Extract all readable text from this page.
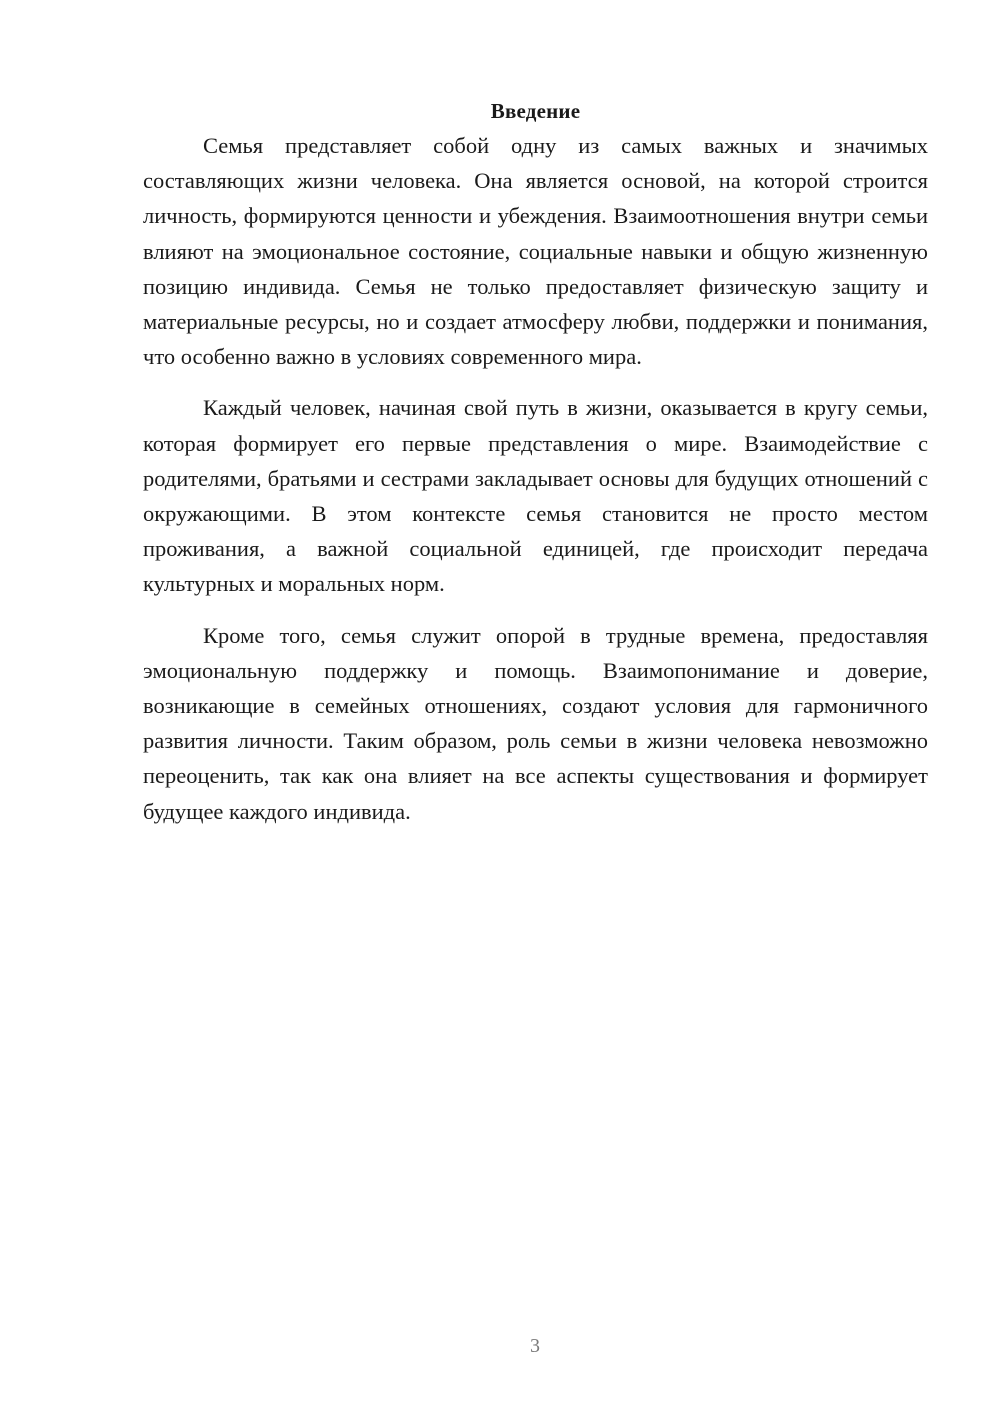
Введение

Семья представляет собой одну из самых важных и значимых составляющих жизни человека. Она является основой, на которой строится личность, формируются ценности и убеждения. Взаимоотношения внутри семьи влияют на эмоциональное состояние, социальные навыки и общую жизненную позицию индивида. Семья не только предоставляет физическую защиту и материальные ресурсы, но и создает атмосферу любви, поддержки и понимания, что особенно важно в условиях современного мира.

Каждый человек, начиная свой путь в жизни, оказывается в кругу семьи, которая формирует его первые представления о мире. Взаимодействие с родителями, братьями и сестрами закладывает основы для будущих отношений с окружающими. В этом контексте семья становится не просто местом проживания, а важной социальной единицей, где происходит передача культурных и моральных норм.

Кроме того, семья служит опорой в трудные времена, предоставляя эмоциональную поддержку и помощь. Взаимопонимание и доверие, возникающие в семейных отношениях, создают условия для гармоничного развития личности. Таким образом, роль семьи в жизни человека невозможно переоценить, так как она влияет на все аспекты существования и формирует будущее каждого индивида.

3
